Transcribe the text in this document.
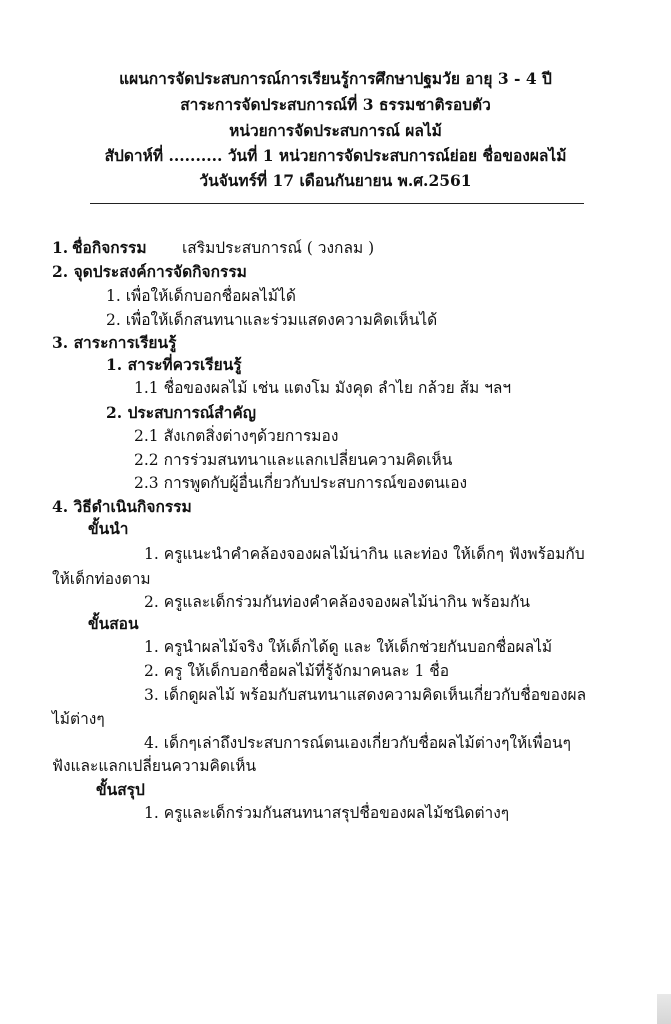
แผนการจัดประสบการณ์การเรียนรู้การศึกษาปฐมวัย อายุ 3 - 4 ปี
สาระการจัดประสบการณ์ที่ 3 ธรรมชาติรอบตัว
หน่วยการจัดประสบการณ์ ผลไม้
สัปดาห์ที่ .......... วันที่ 1 หน่วยการจัดประสบการณ์ย่อย ชื่อของผลไม้
วันจันทร์ที่ 17 เดือนกันยายน พ.ศ.2561
1. ชื่อกิจกรรม เสริมประสบการณ์ ( วงกลม )
2. จุดประสงค์การจัดกิจกรรม
1. เพื่อให้เด็กบอกชื่อผลไม้ได้
2. เพื่อให้เด็กสนทนาและร่วมแสดงความคิดเห็นได้
3. สาระการเรียนรู้
1. สาระที่ควรเรียนรู้
1.1 ชื่อของผลไม้ เช่น แตงโม มังคุด ลำไย กล้วย ส้ม ฯลฯ
2. ประสบการณ์สำคัญ
2.1 สังเกตสิ่งต่างๆด้วยการมอง
2.2 การร่วมสนทนาและแลกเปลี่ยนความคิดเห็น
2.3 การพูดกับผู้อื่นเกี่ยวกับประสบการณ์ของตนเอง
4. วิธีดำเนินกิจกรรม
ขั้นนำ
1. ครูแนะนำคำคล้องจองผลไม้น่ากิน และท่อง ให้เด็กๆ ฟังพร้อมกับ
ให้เด็กท่องตาม
2. ครูและเด็กร่วมกันท่องคำคล้องจองผลไม้น่ากิน พร้อมกัน
ขั้นสอน
1. ครูนำผลไม้จริง ให้เด็กได้ดู และ ให้เด็กช่วยกันบอกชื่อผลไม้
2. ครู ให้เด็กบอกชื่อผลไม้ที่รู้จักมาคนละ 1 ชื่อ
3. เด็กดูผลไม้ พร้อมกับสนทนาแสดงความคิดเห็นเกี่ยวกับชื่อของผล
ไม้ต่างๆ
4. เด็กๆเล่าถึงประสบการณ์ตนเองเกี่ยวกับชื่อผลไม้ต่างๆให้เพื่อนๆ
ฟังและแลกเปลี่ยนความคิดเห็น
ขั้นสรุป
1. ครูและเด็กร่วมกันสนทนาสรุปชื่อของผลไม้ชนิดต่างๆ
